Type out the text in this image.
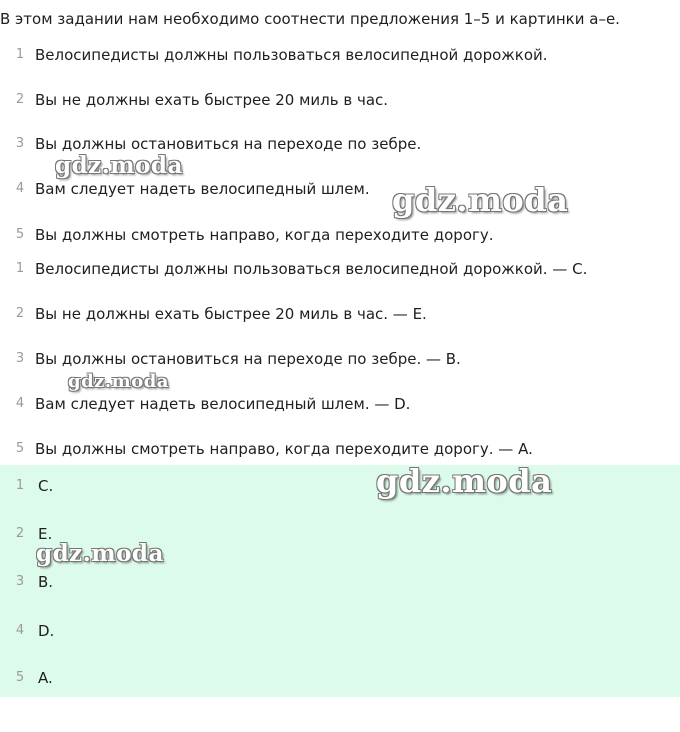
В этом задании нам необходимо соотнести предложения 1–5 и картинки a–e.
1 Велосипедисты должны пользоваться велосипедной дорожкой.
2 Вы не должны ехать быстрее 20 миль в час.
3 Вы должны остановиться на переходе по зебре.
4 Вам следует надеть велосипедный шлем.
5 Вы должны смотреть направо, когда переходите дорогу.
1 Велосипедисты должны пользоваться велосипедной дорожкой. — C.
2 Вы не должны ехать быстрее 20 миль в час. — E.
3 Вы должны остановиться на переходе по зебре. — B.
4 Вам следует надеть велосипедный шлем. — D.
5 Вы должны смотреть направо, когда переходите дорогу. — A.
1 C.
2 E.
3 B.
4 D.
5 A.
gdz.moda
gdz.moda
gdz.moda
gdz.moda
gdz.moda
